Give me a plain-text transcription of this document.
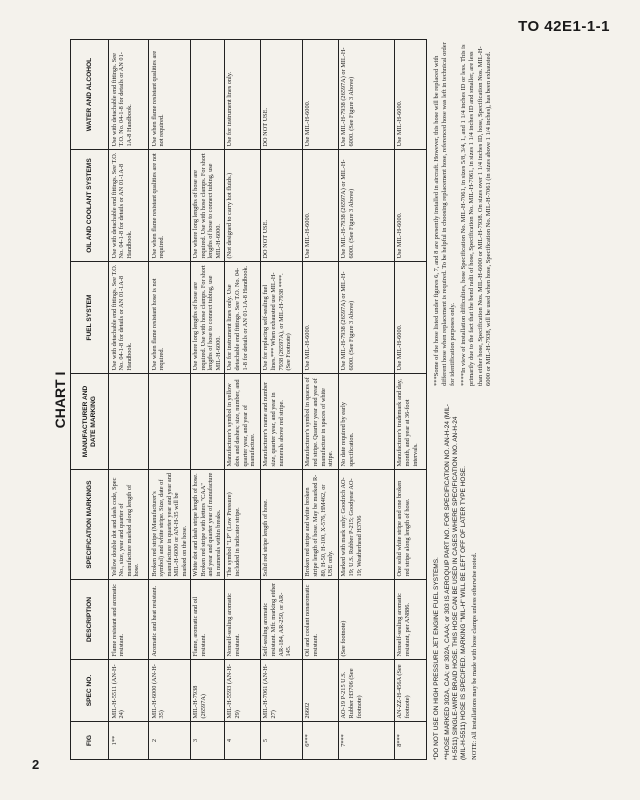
TO 42E1-1-1
2
CHART I
FIG	SPEC NO.	DESCRIPTION	SPECIFICATION MARKINGS	MANUFACTURER AND DATE MARKING	FUEL SYSTEM	OIL AND COOLANT SYSTEMS	WATER AND ALCOHOL
1**	MIL-H-5511 (AN-H-24)	Flame resistant and aromatic resistant.	Yellow double dot and dash code, Spec No., size, year and quarter of manufacture marked along length of hose.		Use with detachable end fittings. See T.O. No. 04-1-8 for details or AN 01-1A-8 Handbook.	Use with detachable end fittings. See T.O. No. 04-1-8 for details or AN 01-1A-8 Handbook.	Use with detachable end fittings. See T.O. No. 04-1-8 for details or AN 01-1A-8 Handbook.
2	MIL-H-6000 (AN-H-35)	Aromatic and heat resistant.	Broken red stripe (Manufacturer's symbol) and white stripe. Size, date of manufacture in quarter year and year and MIL-H-6000 or AN-H-35 will be marked on the hose.		Use when flame resistant hose is not required.	Use when flame resistant qualities are not required.	Use when flame resistant qualities are not required.
3	MIL-H-7938 (26597A)	Flame, aromatic and oil resistant.	White dot and dash stripe length of hose. Broken red stripe with letters "CAA" and year and quarter year of manufacture in numerals within breaks.		Use where long lengths of hose are required. Use with hose clamps. For short lengths of hose to connect tubing, use MIL-H-6000.	Use where long lengths of hose are required. Use with hose clamps. For short lengths of hose to connect tubing, use MIL-H-6000.	
4	MIL-H-5593 (AN-H-29)	Nonself-sealing aromatic resistant.	The symbol "LP" (Low Pressure) included in indicator stripe.	Manufacturer's symbol in yellow dots and dashes; size, number, and quarter year, and year of manufacture.	Use for instrument lines only. Use detachable end fittings. See T.O. No. 04-1-8 for details or AN 01-1A-8 Handbook.	(Not designed to carry hot fluids.)	Use for instrument lines only.
5	MIL-H-7061 (AN-H-27)	Self-sealing aromatic resistant. Mfr. marking either AR-184, AR-250, or AR-145.	Solid red stripe length of hose.	Manufacturer's name and number size, quarter year, and year in numerals above red stripe.	Use for replacing self-sealing fuel lines.*** When exhausted use MIL-H-7938 (26597A), or MIL-H-7938 ****. (See Footnote)	DO NOT USE.	DO NOT USE.
6***	26602	Oil and coolant nonaromatic resistant.	Broken red stripe and white broken stripe length of hose. May be marked R-80, H-50, H-100, X-576, HM462, or USE only.	Manufacturer's symbol in spaces of red stripe. Quarter year and year of manufacture in spaces of white stripe.	Use MIL-H-6000.	Use MIL-H-6000.	Use MIL-H-6000.
7***	AO-19 P-215 U.S. Rubber H3706 (See footnote)	(See footnote)	Marked with mark only: Goodrich AO-19; U.S. Rubber P-215; Goodyear AO-19; Weatherhead H3706	No date required by early specification.	Use MIL-H-7938 (26597A) or MIL-H-6000. (See Figure 3 Above)	Use MIL-H-7938 (26597A) or MIL-H-6000. (See Figure 3 Above)	Use MIL-H-7938 (26597A) or MIL-H-6000. (See Figure 3 Above)
8***	AN-ZZ-H-456A (See footnote)	Nonself-sealing aromatic resistant, per AN886.	One solid white stripe and one broken red stripe along length of hose.	Manufacturer's trademark and day, month, and year at 36-foot intervals.	Use MIL-H-6000.	Use MIL-H-6000.	Use MIL-H-6000.

*DO NOT USE ON HIGH PRESSURE JET ENGINE FUEL SYSTEMS. **HOSE MARKED 302A, CAA; or 302A, CAAA; or 303 IS AEROQUIP PART NO. FOR SPECIFICATION NO. AN-H-24 (MIL-H-5511) SINGLE-WIRE BRAID HOSE. THIS HOSE CAN BE USED IN CASES WHERE SPECIFICATION NO. AN-H-24 (MIL-H-5511) HOSE IS SPECIFIED. MARKING "MIL-H" WILL BE LEFT OFF OF LATER TYPE HOSE. NOTE: All installations may be made with hose clamps unless otherwise noted.

***Some of the hose listed under figures 6, 7, and 8 are presently installed in aircraft. However, this hose will be replaced with different hose when replacement is required. To be helpful in choosing replacement hose, referenced hose was left in technical order for identification purposes only. ****In view of installation difficulties, hose Specification No. MIL-H-7061, in sizes 5/8, 3/4, 1, and 1 1/4 inches ID or less. This is primarily due to the fact that the bend radii of hose, Specification No. MIL-H-7061, in sizes 1 1/4 inches ID and smaller, are less than either hose, Specification Nos. MIL-H-6000 or MIL-H-7938. On sizes over 1 1/4 inches ID, hose, Specification Nos. MIL-H-6000 or MIL-H-7938, will be used when hose, Specification No. MIL-H-7061 (in sizes above 1 1/4 inches), has been exhausted.
